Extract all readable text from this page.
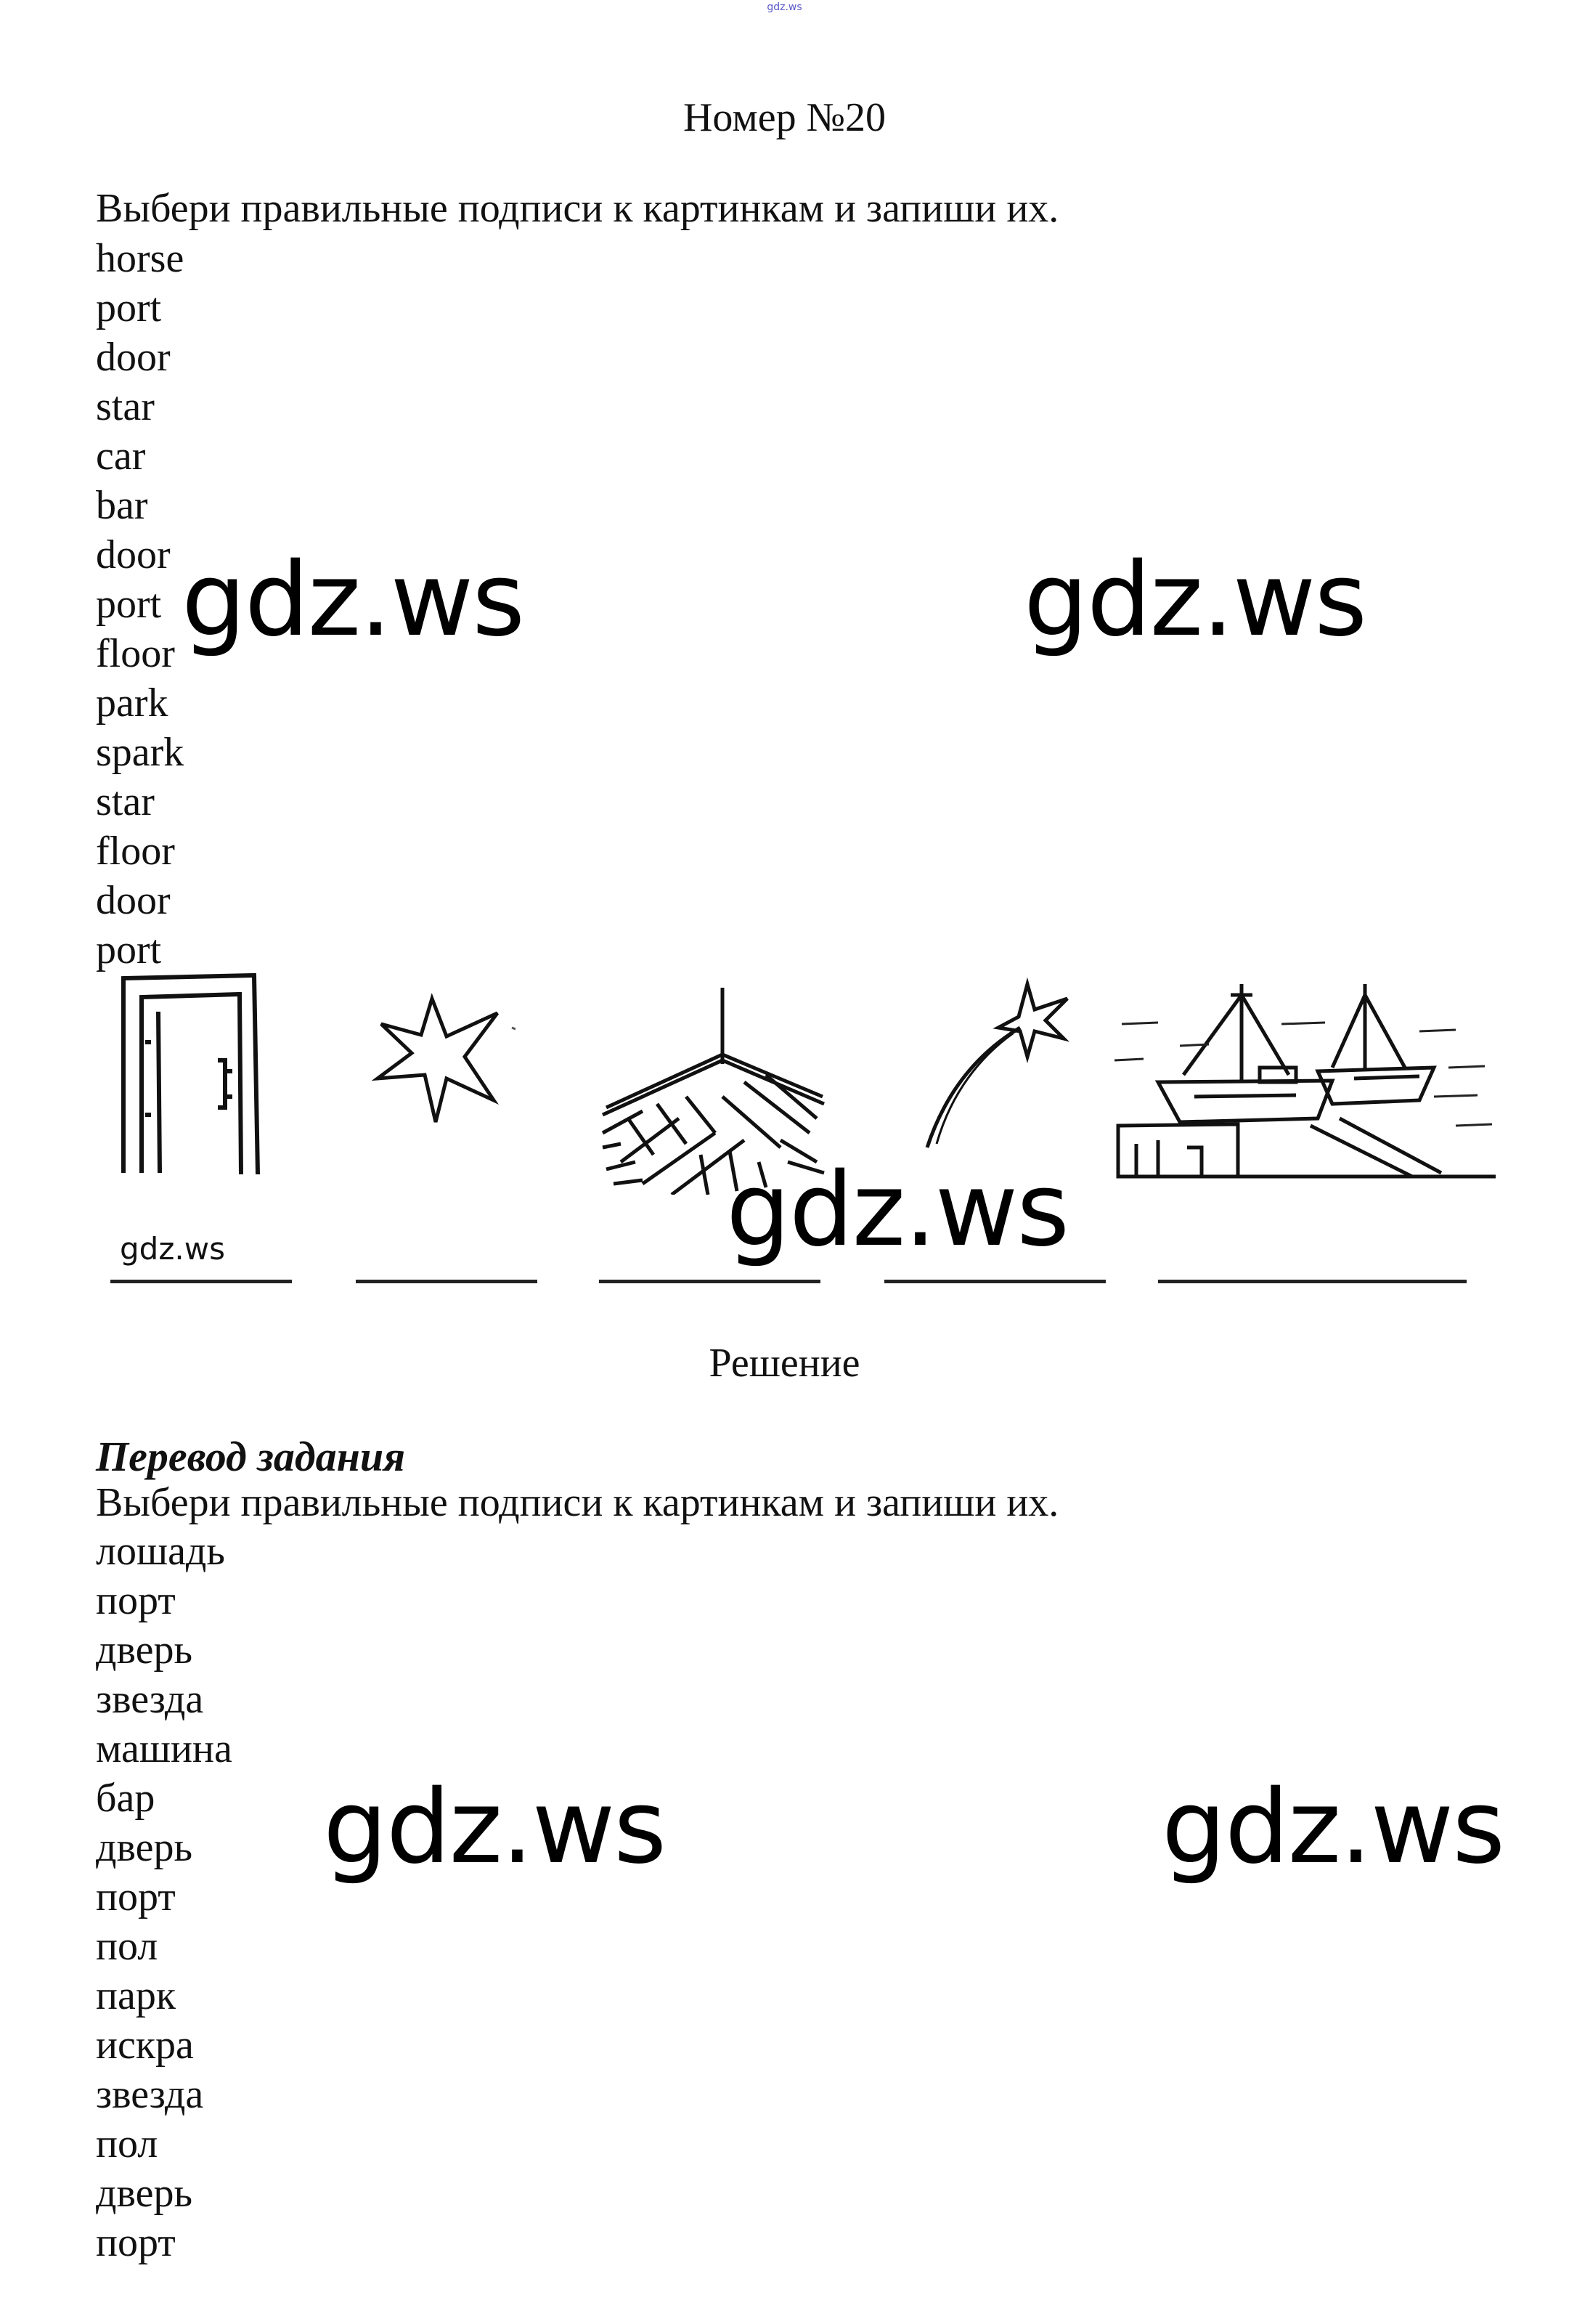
gdz.ws
Номер №20
Выбери правильные подписи к картинкам и запиши их.
horse
port
door
star
car
bar
door
port
floor
park
spark
star
floor
door
port
gdz.ws	gdz.ws
gdz.ws	gdz.ws
Решение
Перевод задания
Выбери правильные подписи к картинкам и запиши их.
лошадь
порт
дверь
звезда
машина
бар
дверь
порт
пол
парк
искра
звезда
пол
дверь
порт
gdz.ws	gdz.ws
